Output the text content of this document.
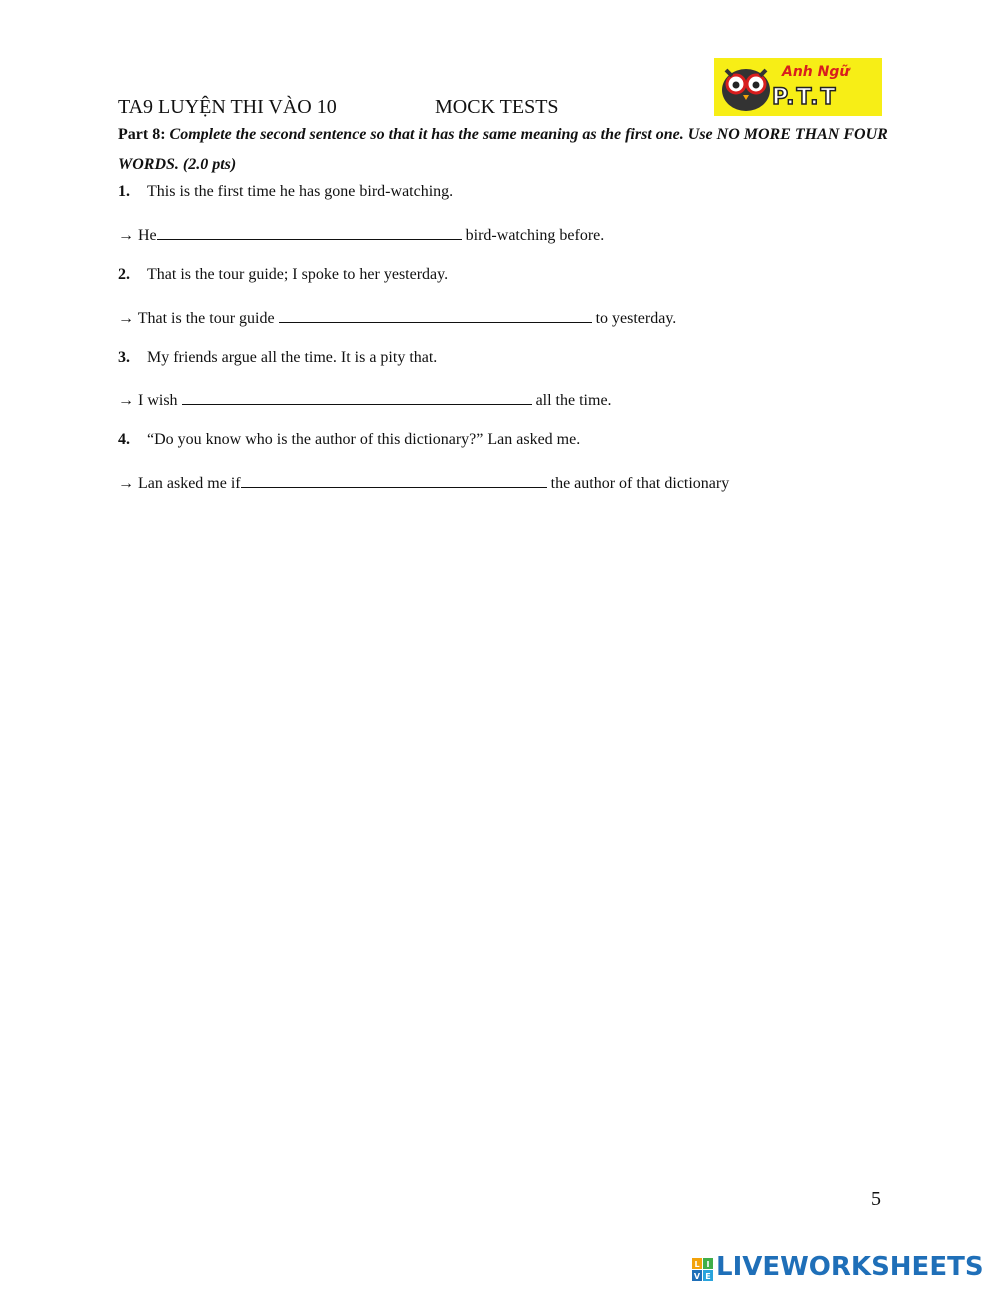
TA9 LUYỆN THI VÀO 10	MOCK TESTS
Anh Ngữ
P.T.T
Part 8: Complete the second sentence so that it has the same meaning as the first one. Use NO MORE THAN FOUR WORDS. (2.0 pts)
1. This is the first time he has gone bird-watching.
→ He	bird-watching before.
2. That is the tour guide; I spoke to her yesterday.
→ That is the tour guide	to yesterday.
3. My friends argue all the time. It is a pity that.
→ I wish	all the time.
4. “Do you know who is the author of this dictionary?” Lan asked me.
→ Lan asked me if	the author of that dictionary
5
L I
V E LIVEWORKSHEETS
